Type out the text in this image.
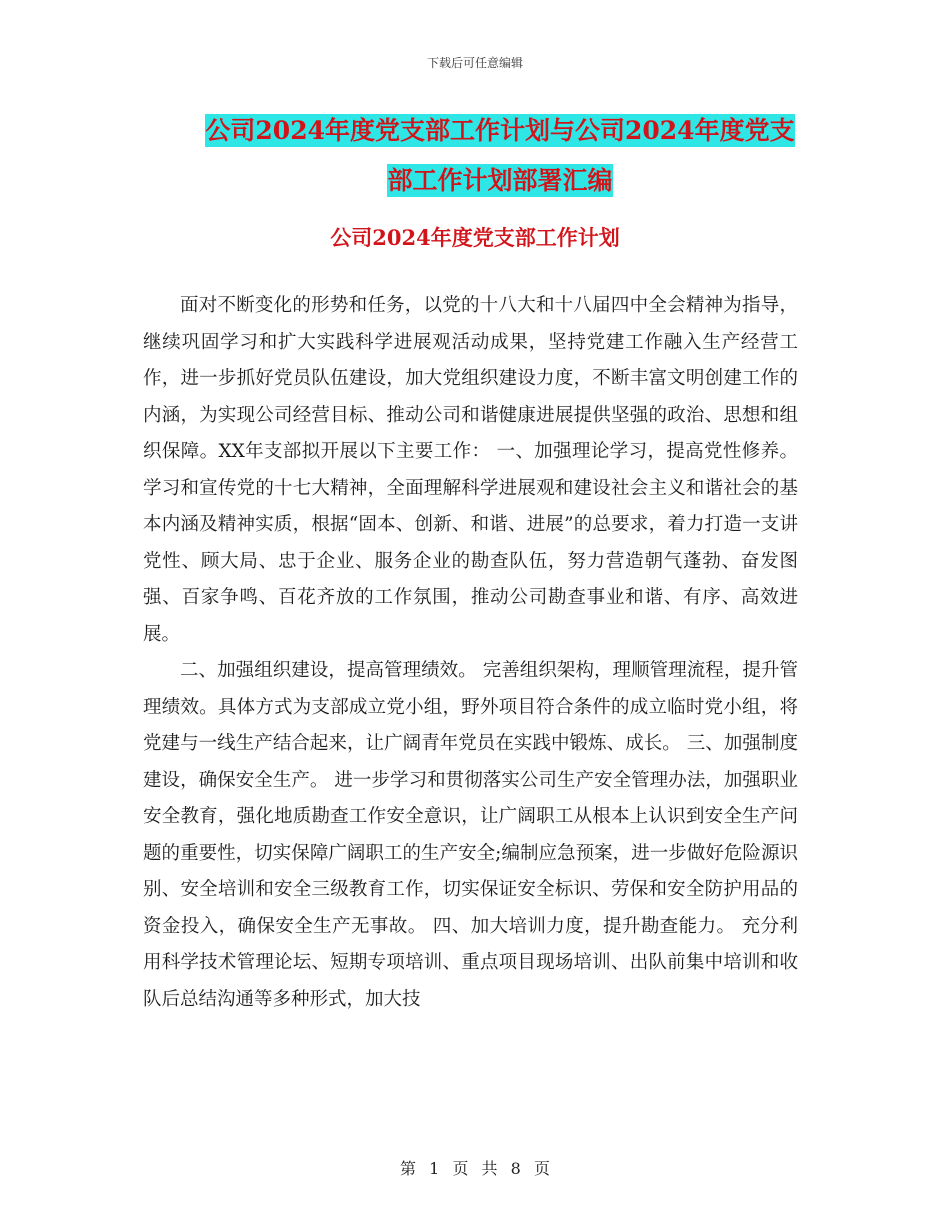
下载后可任意编辑
公司2024年度党支部工作计划与公司2024年度党支
部工作计划部署汇编
公司2024年度党支部工作计划

面对不断变化的形势和任务，以党的十八大和十八届四中全会精神为指导，继续巩固学习和扩大实践科学进展观活动成果，坚持党建工作融入生产经营工作，进一步抓好党员队伍建设，加大党组织建设力度，不断丰富文明创建工作的内涵，为实现公司经营目标、推动公司和谐健康进展提供坚强的政治、思想和组织保障。XX年支部拟开展以下主要工作： 一、加强理论学习，提高党性修养。 学习和宣传党的十七大精神，全面理解科学进展观和建设社会主义和谐社会的基本内涵及精神实质，根据“固本、创新、和谐、进展”的总要求，着力打造一支讲党性、顾大局、忠于企业、服务企业的勘查队伍，努力营造朝气蓬勃、奋发图强、百家争鸣、百花齐放的工作氛围，推动公司勘查事业和谐、有序、高效进展。

二、加强组织建设，提高管理绩效。 完善组织架构，理顺管理流程，提升管理绩效。具体方式为支部成立党小组，野外项目符合条件的成立临时党小组，将党建与一线生产结合起来，让广阔青年党员在实践中锻炼、成长。 三、加强制度建设，确保安全生产。 进一步学习和贯彻落实公司生产安全管理办法，加强职业安全教育，强化地质勘查工作安全意识，让广阔职工从根本上认识到安全生产问题的重要性，切实保障广阔职工的生产安全;编制应急预案，进一步做好危险源识别、安全培训和安全三级教育工作，切实保证安全标识、劳保和安全防护用品的资金投入，确保安全生产无事故。 四、加大培训力度，提升勘查能力。 充分利用科学技术管理论坛、短期专项培训、重点项目现场培训、出队前集中培训和收队后总结沟通等多种形式，加大技

第 1 页 共 8 页
